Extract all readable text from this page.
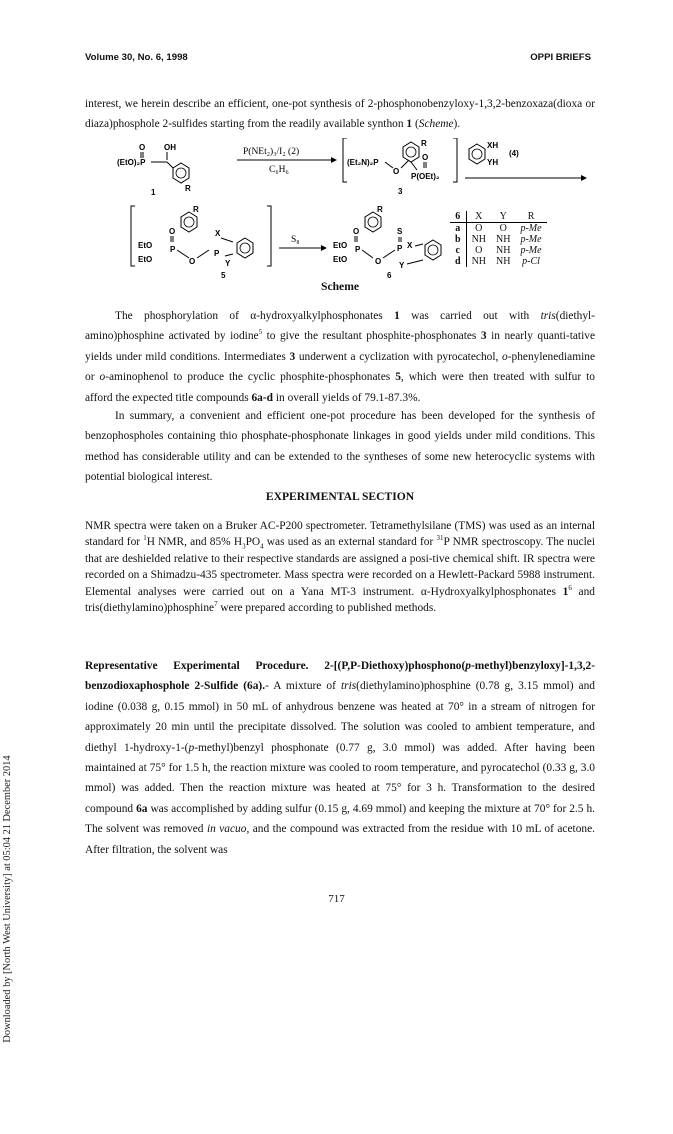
Volume 30, No. 6, 1998	OPPI BRIEFS
Downloaded by [North West University] at 05:04 21 December 2014

interest, we herein describe an efficient, one-pot synthesis of 2-phosphonobenzyloxy-1,3,2-benzoxaza(dioxa or diaza)phosphole 2-sulfides starting from the readily available synthon 1 (Scheme).

(EtO)₂P
O OH
R
1
P(NEt₂)₃/I₂ (2)
C₆H₆
(Et₂N)₂P
O
R
O
P(OEt)₂
3
XH
YH
(4)
R
O
EtO
EtO
P
O
P
X
Y
5
S₈
R
O
EtO
EtO
P
O
S
P X
Y
6
6	X	Y	R
a	O	O	p-Me
b	NH	NH	p-Me
c	O	NH	p-Me
d	NH	NH	p-Cl
Scheme

The phosphorylation of α-hydroxyalkylphosphonates 1 was carried out with tris(diethyl-amino)phosphine activated by iodine$^5$ to give the resultant phosphite-phosphonates 3 in nearly quanti-tative yields under mild conditions. Intermediates 3 underwent a cyclization with pyrocatechol, o-phenylenediamine or o-aminophenol to produce the cyclic phosphite-phosphonates 5, which were then treated with sulfur to afford the expected title compounds 6a-d in overall yields of 79.1-87.3%.

In summary, a convenient and efficient one-pot procedure has been developed for the synthesis of benzophospholes containing thio phosphate-phosphonate linkages in good yields under mild conditions. This method has considerable utility and can be extended to the syntheses of some new heterocyclic systems with potential biological interest.

EXPERIMENTAL SECTION

NMR spectra were taken on a Bruker AC-P200 spectrometer. Tetramethylsilane (TMS) was used as an internal standard for $^1$H NMR, and 85% $H_3PO_4$ was used as an external standard for $^{31}$P NMR spectroscopy. The nuclei that are deshielded relative to their respective standards are assigned a posi-tive chemical shift. IR spectra were recorded on a Shimadzu-435 spectrometer. Mass spectra were recorded on a Hewlett-Packard 5988 instrument. Elemental analyses were carried out on a Yana MT-3 instrument. α-Hydroxyalkylphosphonates $1^6$ and tris(diethylamino)phosphine$^7$ were prepared according to published methods.

Representative Experimental Procedure. 2-[(P,P-Diethoxy)phosphono(p-methyl)benzyloxy]-1,3,2-benzodioxaphosphole 2-Sulfide (6a).- A mixture of tris(diethylamino)phosphine (0.78 g, 3.15 mmol) and iodine (0.038 g, 0.15 mmol) in 50 mL of anhydrous benzene was heated at 70° in a stream of nitrogen for approximately 20 min until the precipitate dissolved. The solution was cooled to ambient temperature, and diethyl 1-hydroxy-1-(p-methyl)benzyl phosphonate (0.77 g, 3.0 mmol) was added. After having been maintained at 75° for 1.5 h, the reaction mixture was cooled to room temperature, and pyrocatechol (0.33 g, 3.0 mmol) was added. Then the reaction mixture was heated at 75° for 3 h. Transformation to the desired compound 6a was accomplished by adding sulfur (0.15 g, 4.69 mmol) and keeping the mixture at 70° for 2.5 h. The solvent was removed in vacuo, and the compound was extracted from the residue with 10 mL of acetone. After filtration, the solvent was

717
